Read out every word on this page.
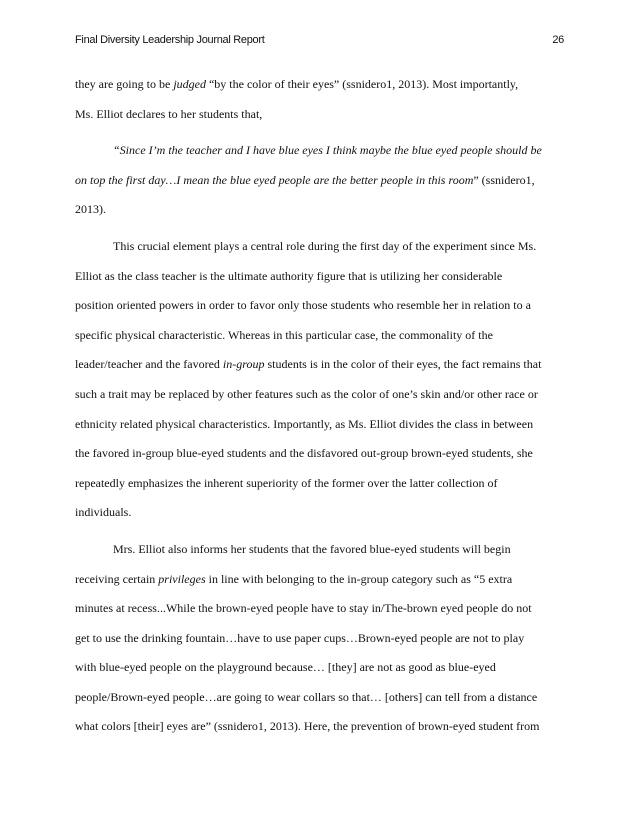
Final Diversity Leadership Journal Report	26
they are going to be judged “by the color of their eyes” (ssnidero1, 2013). Most importantly,
Ms. Elliot declares to her students that,
“Since I’m the teacher and I have blue eyes I think maybe the blue eyed people should be
on top the first day…I mean the blue eyed people are the better people in this room” (ssnidero1,
2013).
This crucial element plays a central role during the first day of the experiment since Ms.
Elliot as the class teacher is the ultimate authority figure that is utilizing her considerable
position oriented powers in order to favor only those students who resemble her in relation to a
specific physical characteristic. Whereas in this particular case, the commonality of the
leader/teacher and the favored in-group students is in the color of their eyes, the fact remains that
such a trait may be replaced by other features such as the color of one’s skin and/or other race or
ethnicity related physical characteristics. Importantly, as Ms. Elliot divides the class in between
the favored in-group blue-eyed students and the disfavored out-group brown-eyed students, she
repeatedly emphasizes the inherent superiority of the former over the latter collection of
individuals.
Mrs. Elliot also informs her students that the favored blue-eyed students will begin
receiving certain privileges in line with belonging to the in-group category such as “5 extra
minutes at recess...While the brown-eyed people have to stay in/The-brown eyed people do not
get to use the drinking fountain…have to use paper cups…Brown-eyed people are not to play
with blue-eyed people on the playground because… [they] are not as good as blue-eyed
people/Brown-eyed people…are going to wear collars so that… [others] can tell from a distance
what colors [their] eyes are” (ssnidero1, 2013). Here, the prevention of brown-eyed student from
